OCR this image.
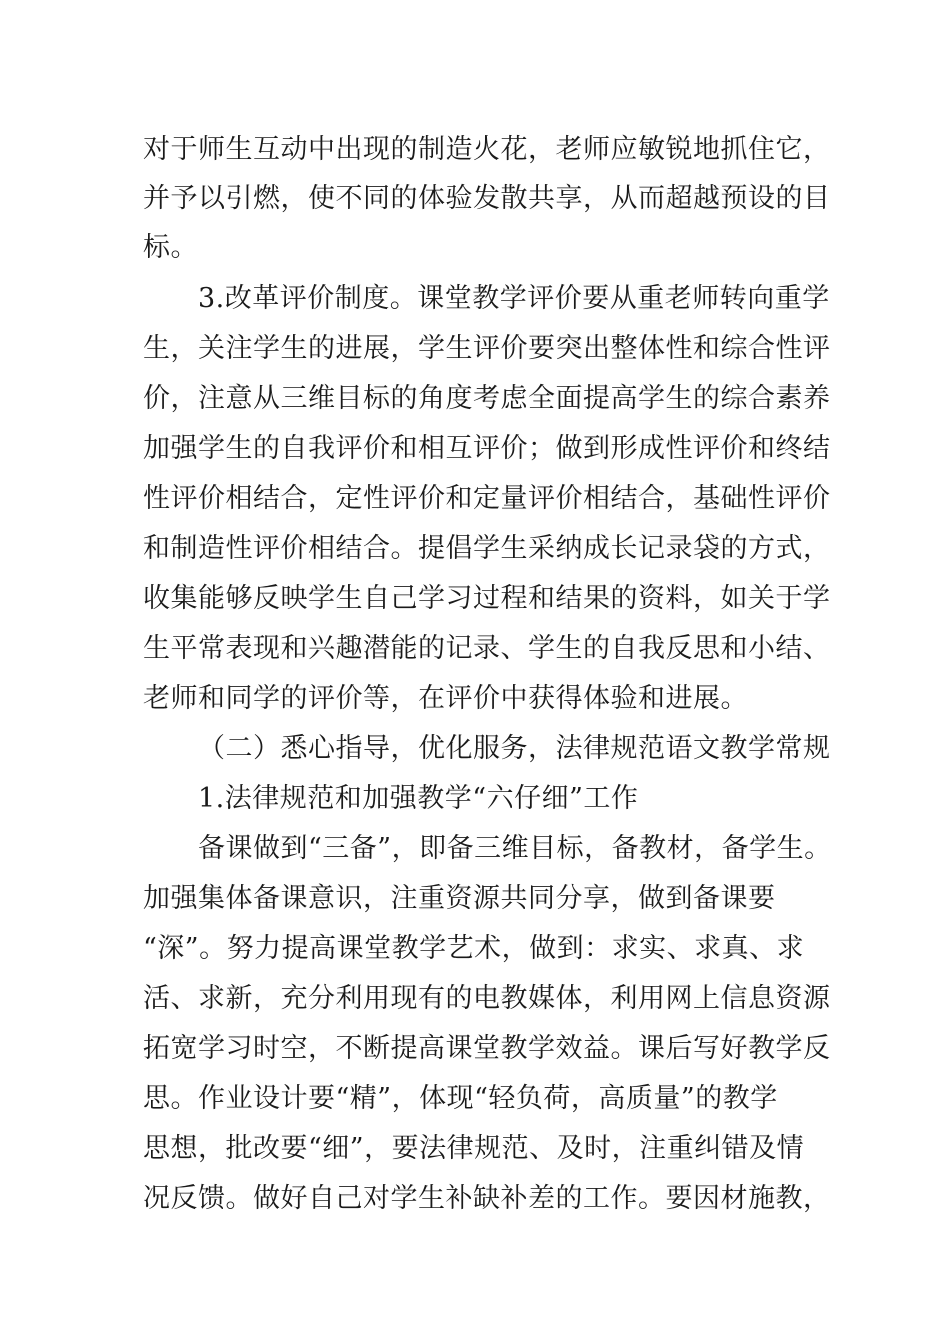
对于师生互动中出现的制造火花，老师应敏锐地抓住它，
并予以引燃，使不同的体验发散共享，从而超越预设的目
标。
3.改革评价制度。课堂教学评价要从重老师转向重学
生，关注学生的进展，学生评价要突出整体性和综合性评
价，注意从三维目标的角度考虑全面提高学生的综合素养
加强学生的自我评价和相互评价；做到形成性评价和终结
性评价相结合，定性评价和定量评价相结合，基础性评价
和制造性评价相结合。提倡学生采纳成长记录袋的方式，
收集能够反映学生自己学习过程和结果的资料，如关于学
生平常表现和兴趣潜能的记录、学生的自我反思和小结、
老师和同学的评价等，在评价中获得体验和进展。
（二）悉心指导，优化服务，法律规范语文教学常规
1.法律规范和加强教学“六仔细”工作
备课做到“三备”，即备三维目标，备教材，备学生。
加强集体备课意识，注重资源共同分享，做到备课要
“深”。努力提高课堂教学艺术，做到：求实、求真、求
活、求新，充分利用现有的电教媒体，利用网上信息资源
拓宽学习时空，不断提高课堂教学效益。课后写好教学反
思。作业设计要“精”，体现“轻负荷，高质量”的教学
思想，批改要“细”，要法律规范、及时，注重纠错及情
况反馈。做好自己对学生补缺补差的工作。要因材施教，
